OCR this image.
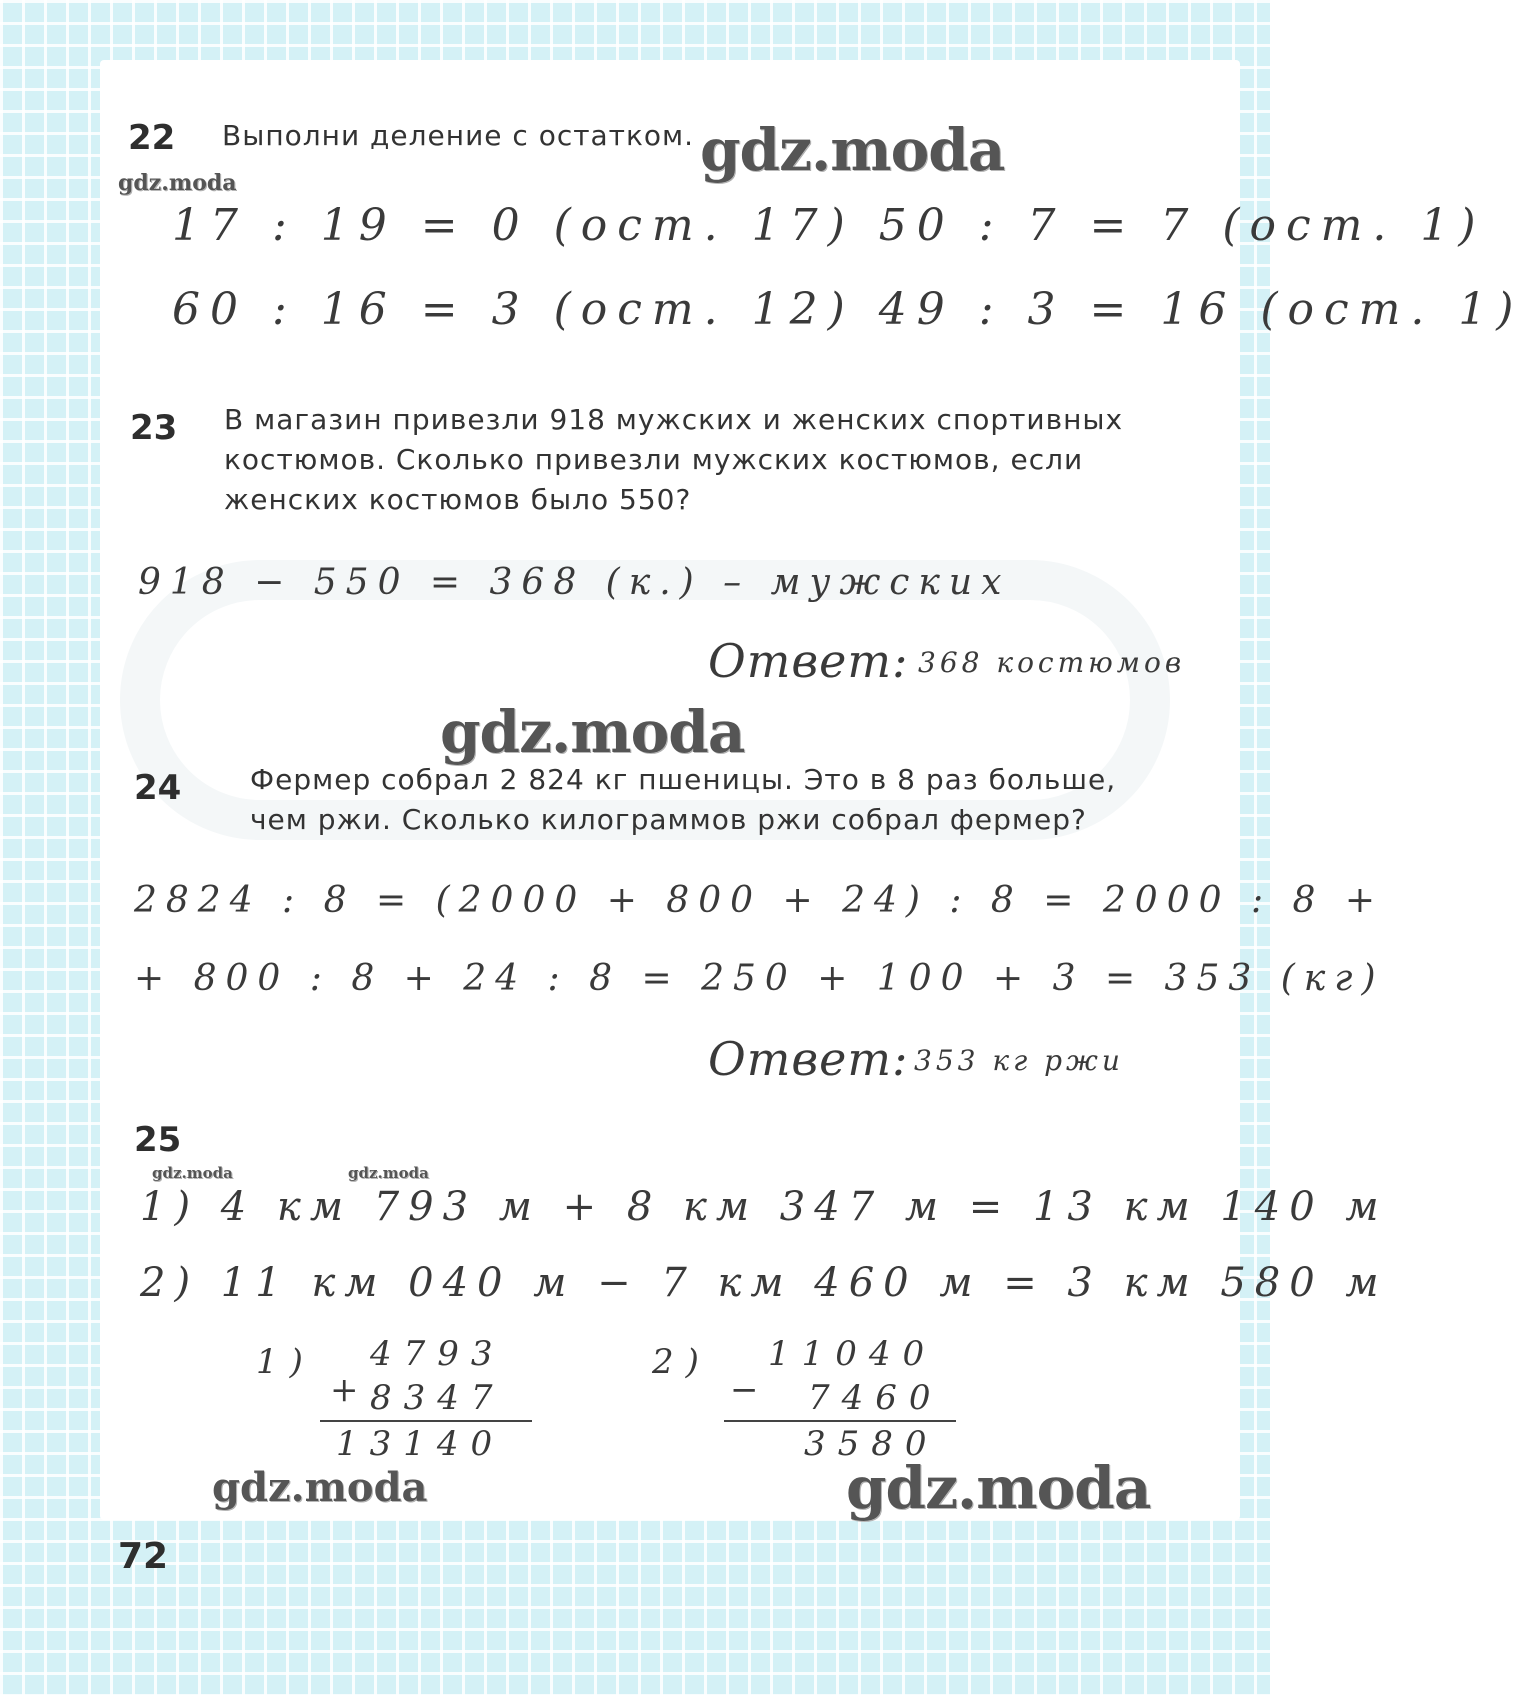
22 Выполни деление с остатком. gdz.moda
gdz.moda
17 : 19 = 0 (ост. 17) 50 : 7 = 7 (ост. 1)
60 : 16 = 3 (ост. 12) 49 : 3 = 16 (ост. 1)
23 В магазин привезли 918 мужских и женских спортивных
костюмов. Сколько привезли мужских костюмов, если
женских костюмов было 550?
918 − 550 = 368 (к.) – мужских
Ответ: 368 костюмов
gdz.moda
24 Фермер собрал 2 824 кг пшеницы. Это в 8 раз больше,
чем ржи. Сколько килограммов ржи собрал фермер?
2824 : 8 = (2000 + 800 + 24) : 8 = 2000 : 8 +
+ 800 : 8 + 24 : 8 = 250 + 100 + 3 = 353 (кг)
Ответ: 353 кг ржи
25
gdz.moda	gdz.moda
1) 4 км 793 м + 8 км 347 м = 13 км 140 м
2) 11 км 040 м − 7 км 460 м = 3 км 580 м
1)
+
4793
8347
13140
2)
−
11040
7460
3580
gdz.moda	gdz.moda
72
